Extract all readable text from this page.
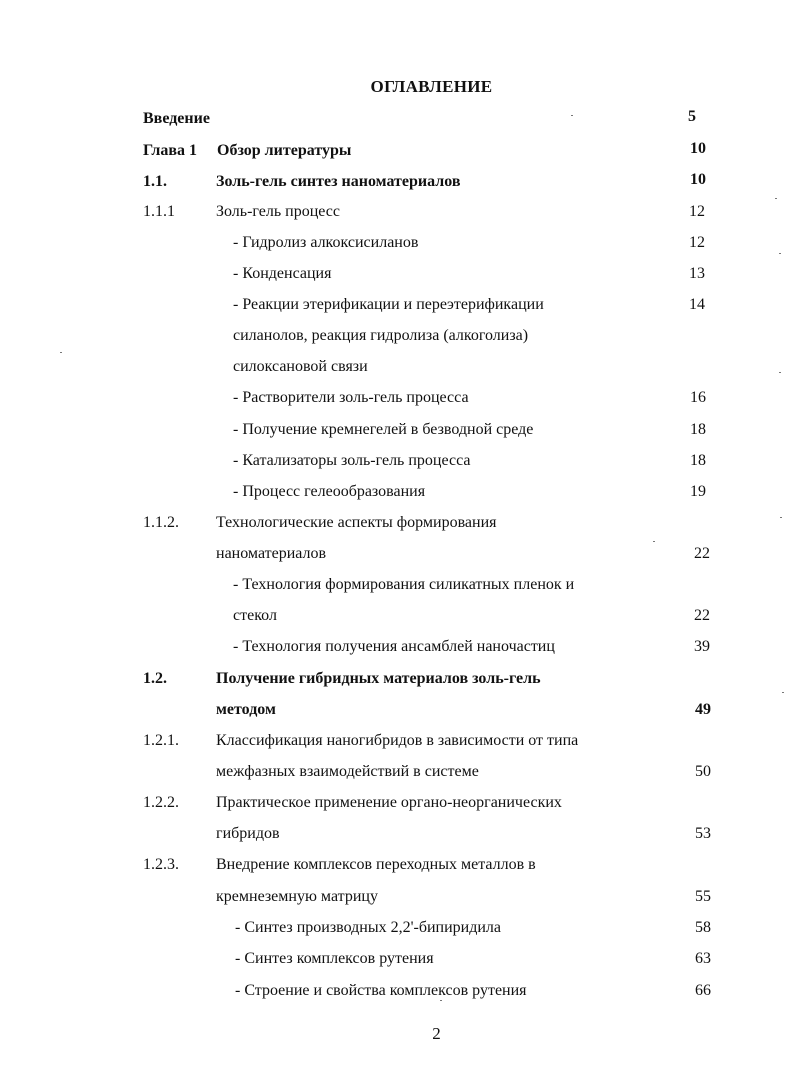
ОГЛАВЛЕНИЕ
Введение	5
Глава 1 Обзор литературы	10
1.1.	Золь-гель синтез наноматериалов	10
1.1.1	Золь-гель процесс	12
- Гидролиз алкоксисиланов	12
- Конденсация	13
- Реакции этерификации и переэтерификации
силанолов, реакция гидролиза (алкоголиза)
силоксановой связи
14
- Растворители золь-гель процесса	16
- Получение кремнегелей в безводной среде	18
- Катализаторы золь-гель процесса	18
- Процесс гелеообразования	19
1.1.2. Технологические аспекты формирования
наноматериалов	22
- Технология формирования силикатных пленок и
стекол	22
- Технология получения ансамблей наночастиц	39
1.2.	Получение гибридных материалов золь-гель
методом	49
1.2.1. Классификация наногибридов в зависимости от типа
межфазных взаимодействий в системе	50
1.2.2. Практическое применение органо-неорганических
гибридов	53
1.2.3. Внедрение комплексов переходных металлов в
кремнеземную матрицу	55
- Синтез производных 2,2'-бипиридила	58
- Синтез комплексов рутения	63
- Строение и свойства комплексов рутения	66
2
